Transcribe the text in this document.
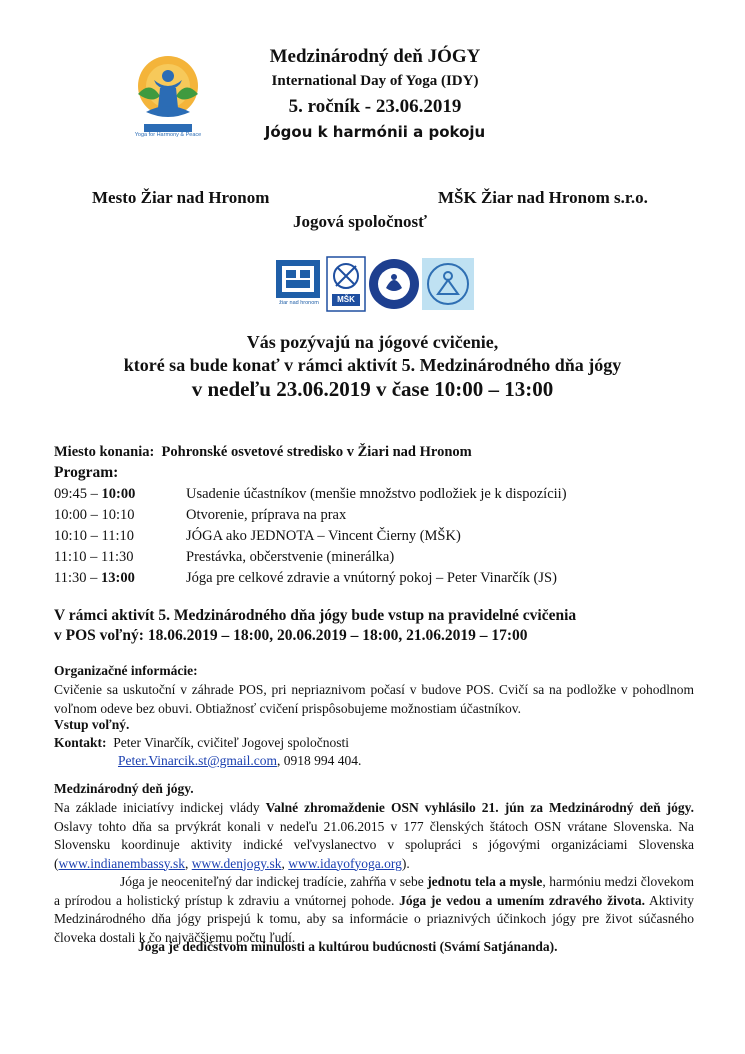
Yoga for Harmony & Peace
Medzinárodný deň JÓGY
International Day of Yoga (IDY)
5. ročník - 23.06.2019
Jógou k harmónii a pokoju
Mesto Žiar nad Hronom	MŠK Žiar nad Hronom s.r.o.
Jogová spoločnosť
žiar nad hronom	MŠK
Vás pozývajú na jógové cvičenie,
ktoré sa bude konať v rámci aktivít 5. Medzinárodného dňa jógy
v nedeľu 23.06.2019 v čase 10:00 – 13:00
Miesto konania: Pohronské osvetové stredisko v Žiari nad Hronom
Program:
09:45 – 10:00	Usadenie účastníkov (menšie množstvo podložiek je k dispozícii)
10:00 – 10:10	Otvorenie, príprava na prax
10:10 – 11:10	JÓGA ako JEDNOTA – Vincent Čierny (MŠK)
11:10 – 11:30	Prestávka, občerstvenie (minerálka)
11:30 – 13:00	Jóga pre celkové zdravie a vnútorný pokoj – Peter Vinarčík (JS)
V rámci aktivít 5. Medzinárodného dňa jógy bude vstup na pravidelné cvičenia
v POS voľný: 18.06.2019 – 18:00, 20.06.2019 – 18:00, 21.06.2019 – 17:00
Organizačné informácie:
Cvičenie sa uskutoční v záhrade POS, pri nepriaznivom počasí v budove POS. Cvičí sa na podložke v pohodlnom voľnom odeve bez obuvi. Obtiažnosť cvičení prispôsobujeme možnostiam účastníkov.
Vstup voľný.
Kontakt: Peter Vinarčík, cvičiteľ Jogovej spoločnosti
Peter.Vinarcik.st@gmail.com, 0918 994 404.
Medzinárodný deň jógy.
Na základe iniciatívy indickej vlády Valné zhromaždenie OSN vyhlásilo 21. jún za Medzinárodný deň jógy. Oslavy tohto dňa sa prvýkrát konali v nedeľu 21.06.2015 v 177 členských štátoch OSN vrátane Slovenska. Na Slovensku koordinuje aktivity indické veľvyslanectvo v spolupráci s jógovými organizáciami Slovenska (www.indianembassy.sk, www.denjogy.sk, www.idayofyoga.org).
Jóga je neoceniteľný dar indickej tradície, zahŕňa v sebe jednotu tela a mysle, harmóniu medzi človekom a prírodou a holistický prístup k zdraviu a vnútornej pohode. Jóga je vedou a umením zdravého života. Aktivity Medzinárodného dňa jógy prispejú k tomu, aby sa informácie o priaznivých účinkoch jógy pre život súčasného človeka dostali k čo najväčšiemu počtu ľudí.
Jóga je dedičstvom minulosti a kultúrou budúcnosti (Svámí Satjánanda).
